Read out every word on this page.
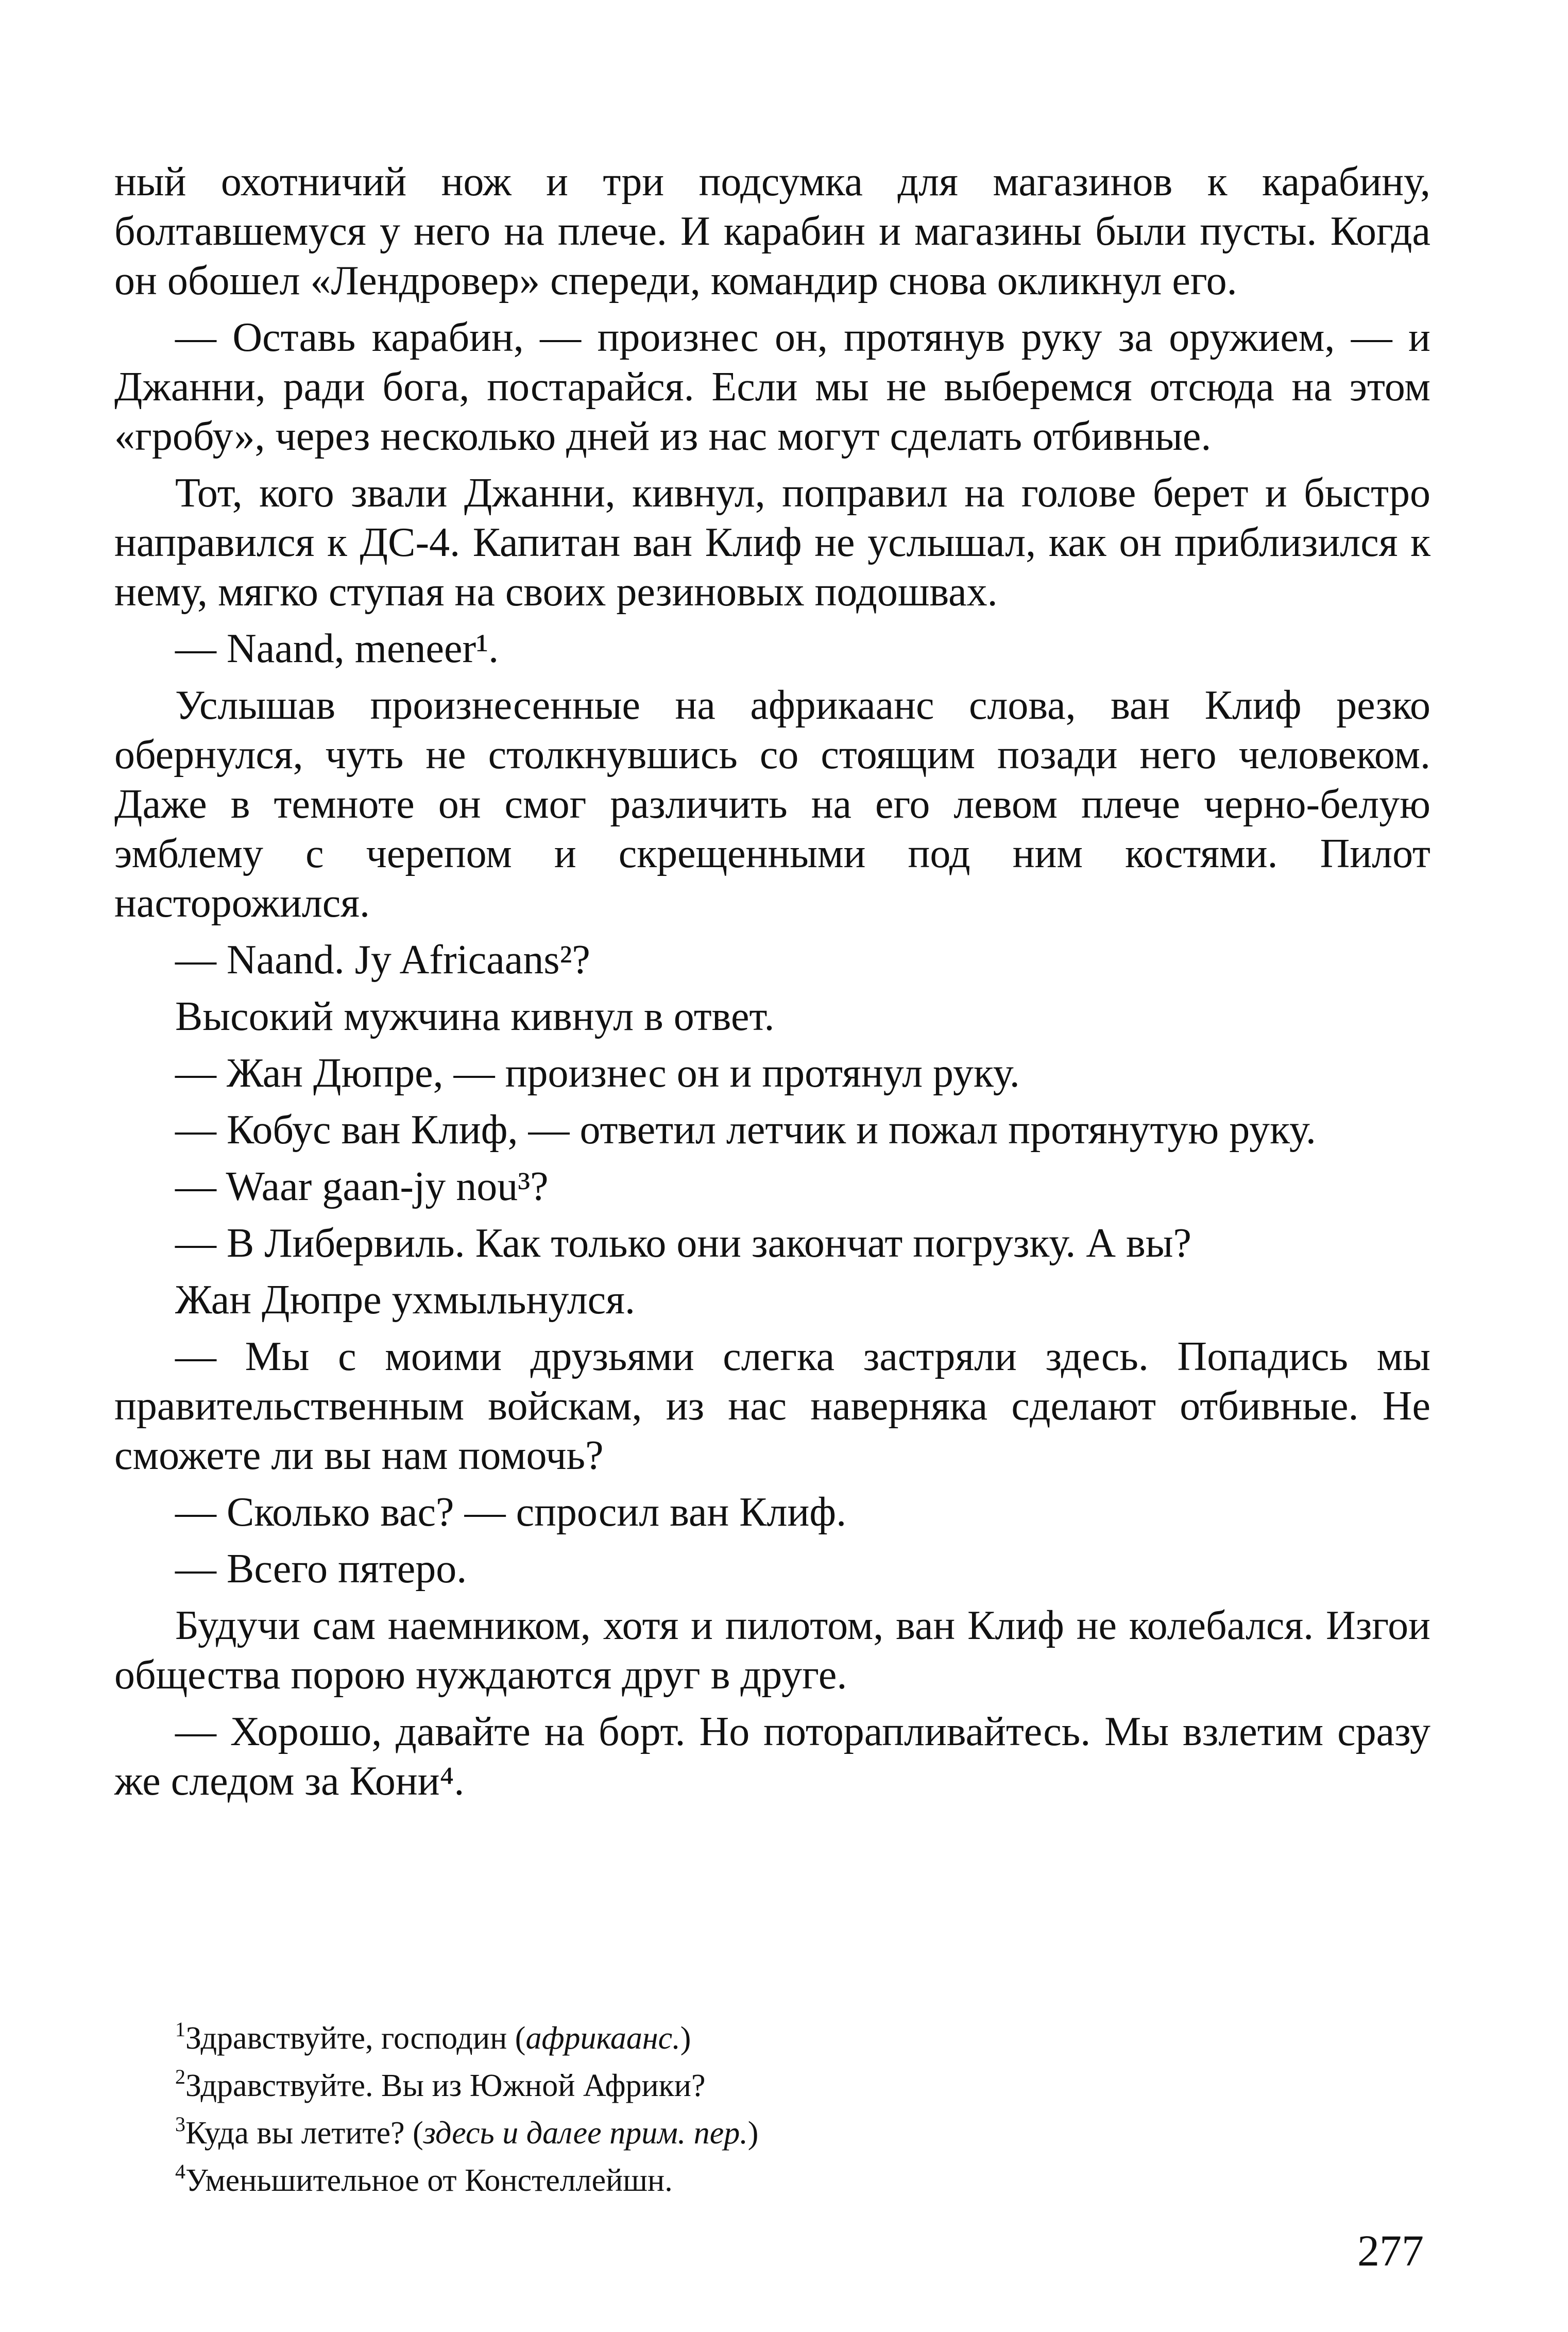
ный охотничий нож и три подсумка для магазинов к карабину, болтавшемуся у него на плече. И карабин и магазины были пусты. Когда он обошел «Лендровер» спереди, командир снова окликнул его.

— Оставь карабин, — произнес он, протянув руку за оружием, — и Джанни, ради бога, постарайся. Если мы не выберемся отсюда на этом «гробу», через несколько дней из нас могут сделать отбивные.

Тот, кого звали Джанни, кивнул, поправил на голове берет и быстро направился к ДС-4. Капитан ван Клиф не услышал, как он приблизился к нему, мягко ступая на своих резиновых подошвах.

— Naand, meneer¹.

Услышав произнесенные на африкаанс слова, ван Клиф резко обернулся, чуть не столкнувшись со стоящим позади него человеком. Даже в темноте он смог различить на его левом плече черно-белую эмблему с черепом и скрещенными под ним костями. Пилот насторожился.

— Naand. Jy Africaans²?

Высокий мужчина кивнул в ответ.

— Жан Дюпре, — произнес он и протянул руку.

— Кобус ван Клиф, — ответил летчик и пожал протянутую руку.

— Waar gaan-jy nou³?

— В Либервиль. Как только они закончат погрузку. А вы?

Жан Дюпре ухмыльнулся.

— Мы с моими друзьями слегка застряли здесь. Попадись мы правительственным войскам, из нас наверняка сделают отбивные. Не сможете ли вы нам помочь?

— Сколько вас? — спросил ван Клиф.

— Всего пятеро.

Будучи сам наемником, хотя и пилотом, ван Клиф не колебался. Изгои общества порою нуждаются друг в друге.

— Хорошо, давайте на борт. Но поторапливайтесь. Мы взлетим сразу же следом за Кони⁴.

$^1$Здравствуйте, господин (африкаанс.)

$^2$Здравствуйте. Вы из Южной Африки?

$^3$Куда вы летите? (здесь и далее прим. пер.)

$^4$Уменьшительное от Констеллейшн.

277
